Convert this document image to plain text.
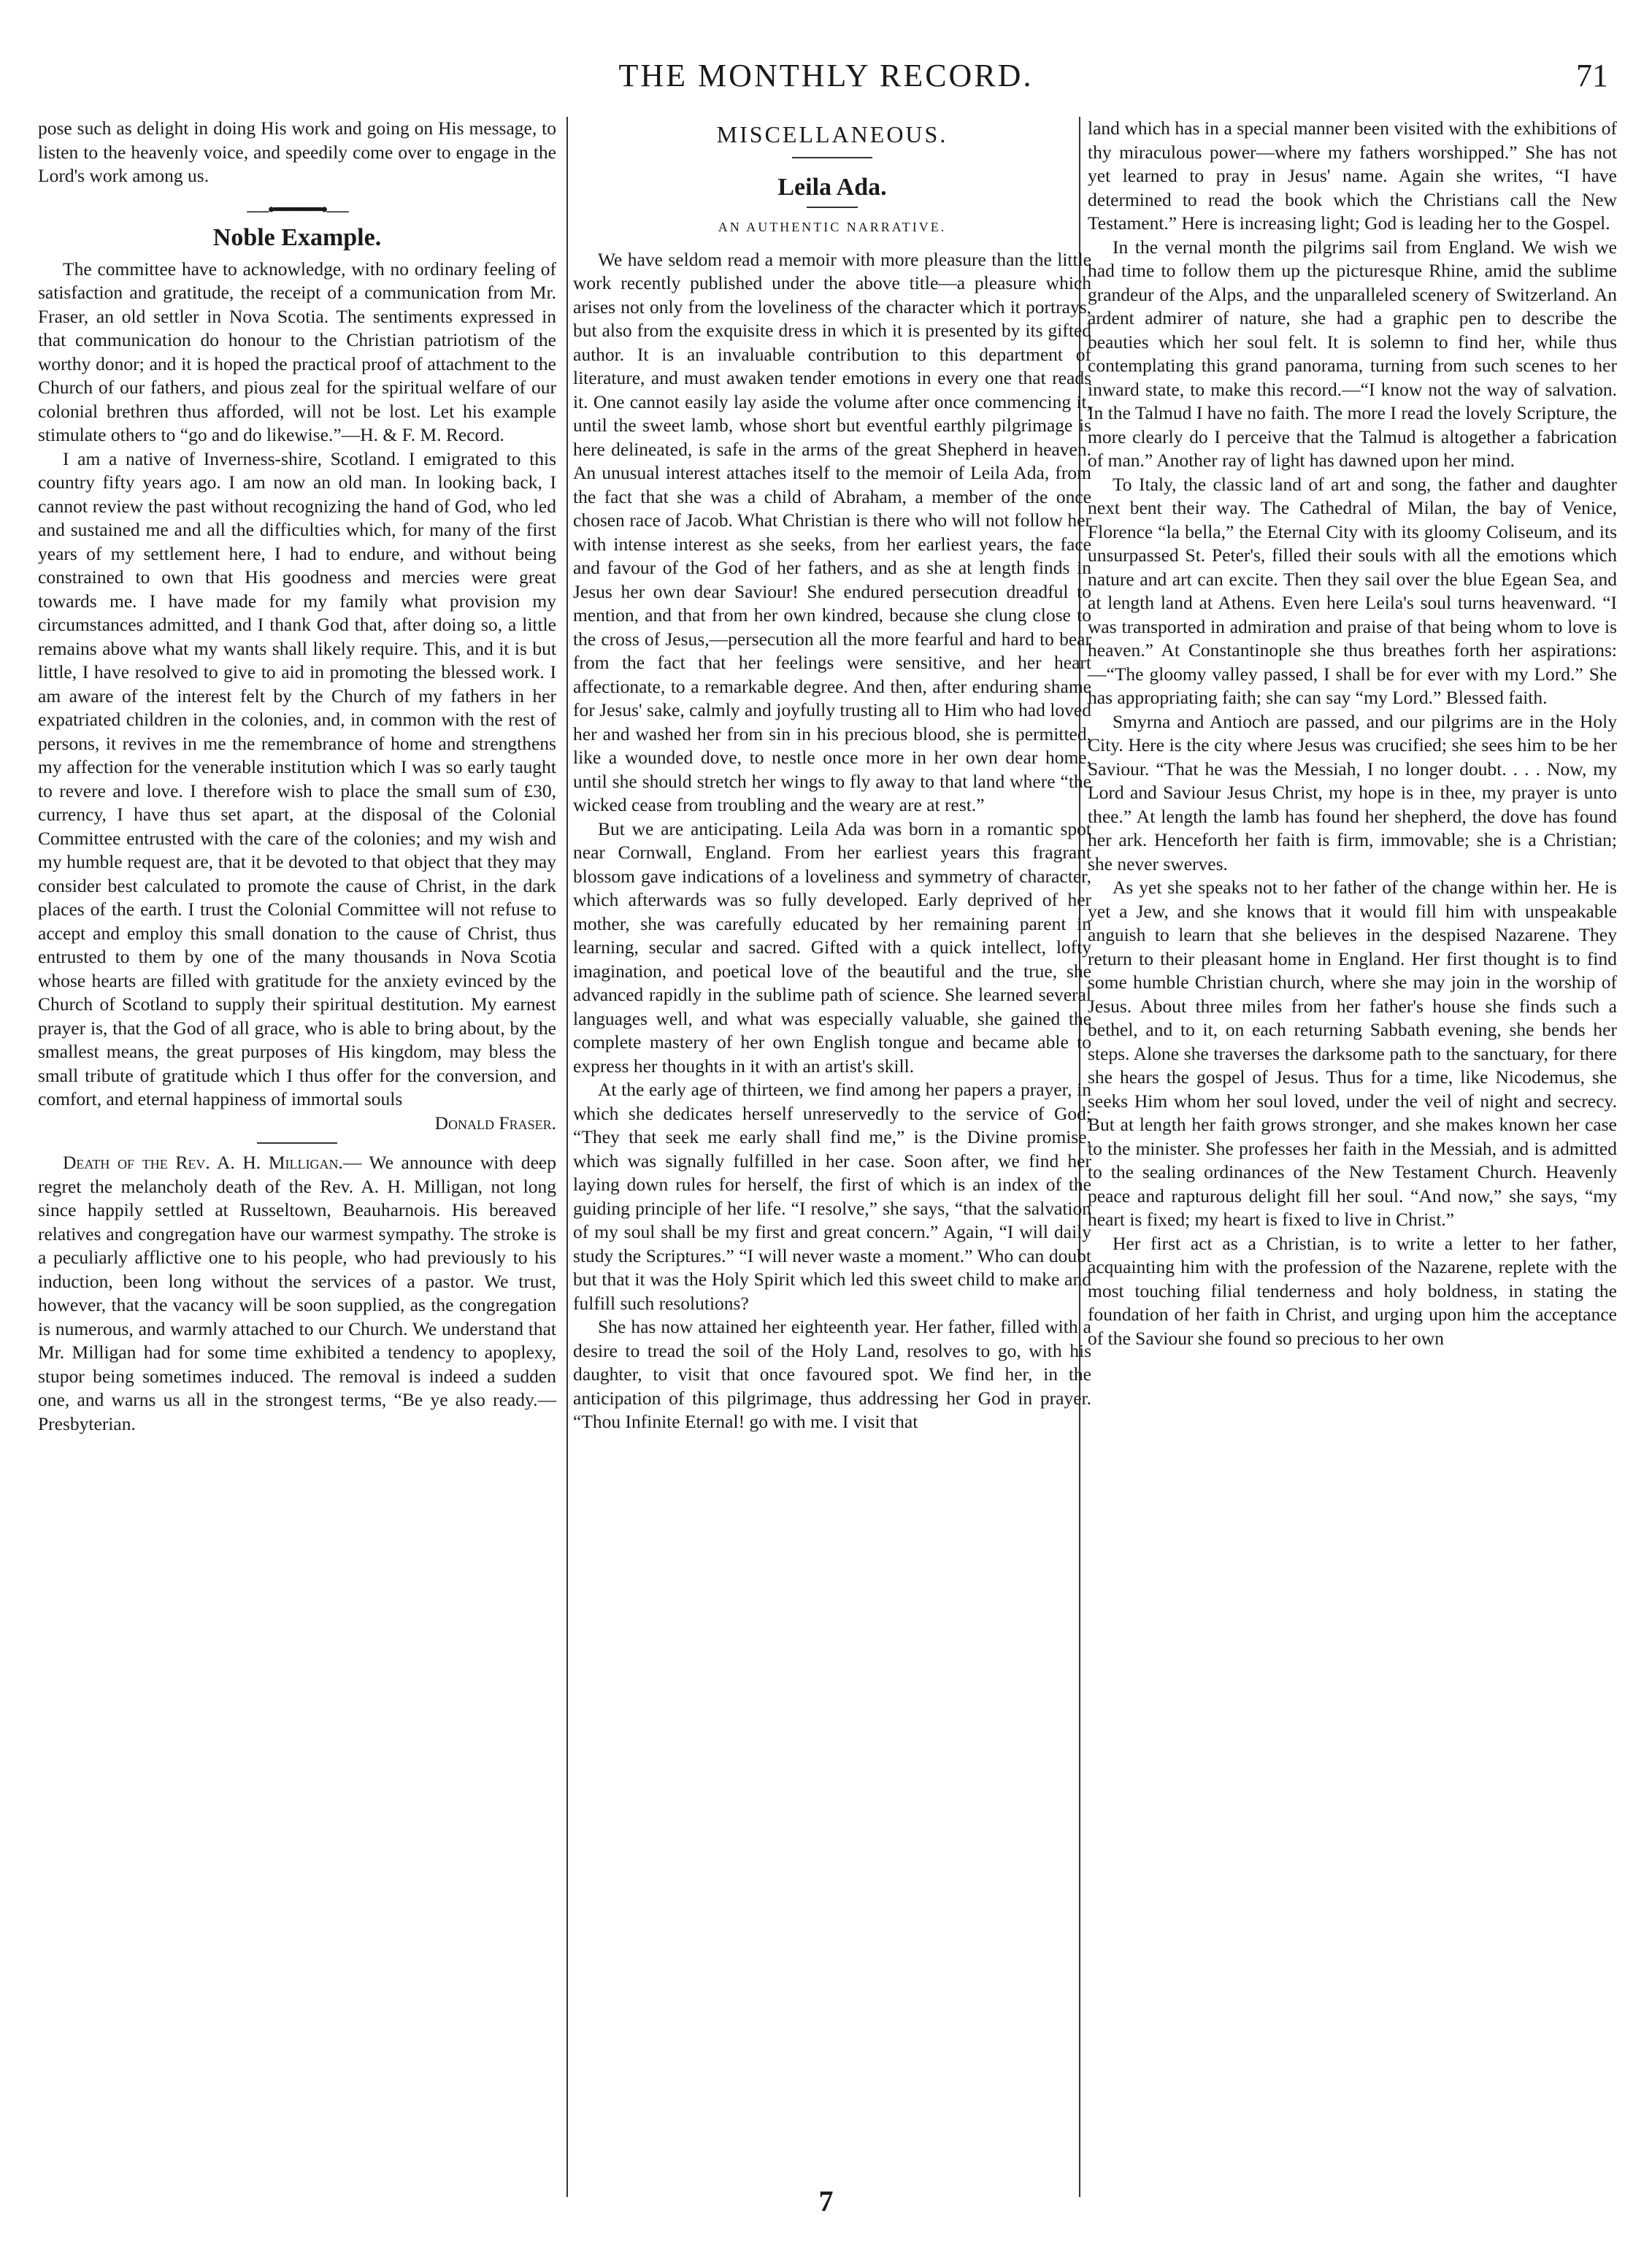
THE MONTHLY RECORD.	71

pose such as delight in doing His work and going on His message, to listen to the heavenly voice, and speedily come over to engage in the Lord's work among us.

—•━━━━•—
Noble Example.

The committee have to acknowledge, with no ordinary feeling of satisfaction and gratitude, the receipt of a communication from Mr. Fraser, an old settler in Nova Scotia. The sentiments expressed in that communication do honour to the Christian patriotism of the worthy donor; and it is hoped the practical proof of attachment to the Church of our fathers, and pious zeal for the spiritual welfare of our colonial brethren thus afforded, will not be lost. Let his example stimulate others to “go and do likewise.”—H. & F. M. Record.

I am a native of Inverness-shire, Scotland. I emigrated to this country fifty years ago. I am now an old man. In looking back, I cannot review the past without recognizing the hand of God, who led and sustained me and all the difficulties which, for many of the first years of my settlement here, I had to endure, and without being constrained to own that His goodness and mercies were great towards me. I have made for my family what provision my circumstances admitted, and I thank God that, after doing so, a little remains above what my wants shall likely require. This, and it is but little, I have resolved to give to aid in promoting the blessed work. I am aware of the interest felt by the Church of my fathers in her expatriated children in the colonies, and, in common with the rest of persons, it revives in me the remembrance of home and strengthens my affection for the venerable institution which I was so early taught to revere and love. I therefore wish to place the small sum of £30, currency, I have thus set apart, at the disposal of the Colonial Committee entrusted with the care of the colonies; and my wish and my humble request are, that it be devoted to that object that they may consider best calculated to promote the cause of Christ, in the dark places of the earth. I trust the Colonial Committee will not refuse to accept and employ this small donation to the cause of Christ, thus entrusted to them by one of the many thousands in Nova Scotia whose hearts are filled with gratitude for the anxiety evinced by the Church of Scotland to supply their spiritual destitution. My earnest prayer is, that the God of all grace, who is able to bring about, by the smallest means, the great purposes of His kingdom, may bless the small tribute of gratitude which I thus offer for the conversion, and comfort, and eternal happiness of immortal souls

Donald Fraser.

Death of the Rev. A. H. Milligan.— We announce with deep regret the melancholy death of the Rev. A. H. Milligan, not long since happily settled at Russeltown, Beauharnois. His bereaved relatives and congregation have our warmest sympathy. The stroke is a peculiarly afflictive one to his people, who had previously to his induction, been long without the services of a pastor. We trust, however, that the vacancy will be soon supplied, as the congregation is numerous, and warmly attached to our Church. We understand that Mr. Milligan had for some time exhibited a tendency to apoplexy, stupor being sometimes induced. The removal is indeed a sudden one, and warns us all in the strongest terms, “Be ye also ready.—Presbyterian.

MISCELLANEOUS.
Leila Ada.
AN AUTHENTIC NARRATIVE.

We have seldom read a memoir with more pleasure than the little work recently published under the above title—a pleasure which arises not only from the loveliness of the character which it portrays, but also from the exquisite dress in which it is presented by its gifted author. It is an invaluable contribution to this department of literature, and must awaken tender emotions in every one that reads it. One cannot easily lay aside the volume after once commencing it, until the sweet lamb, whose short but eventful earthly pilgrimage is here delineated, is safe in the arms of the great Shepherd in heaven. An unusual interest attaches itself to the memoir of Leila Ada, from the fact that she was a child of Abraham, a member of the once chosen race of Jacob. What Christian is there who will not follow her with intense interest as she seeks, from her earliest years, the face and favour of the God of her fathers, and as she at length finds in Jesus her own dear Saviour! She endured persecution dreadful to mention, and that from her own kindred, because she clung close to the cross of Jesus,—persecution all the more fearful and hard to bear from the fact that her feelings were sensitive, and her heart affectionate, to a remarkable degree. And then, after enduring shame for Jesus' sake, calmly and joyfully trusting all to Him who had loved her and washed her from sin in his precious blood, she is permitted, like a wounded dove, to nestle once more in her own dear home, until she should stretch her wings to fly away to that land where “the wicked cease from troubling and the weary are at rest.”

But we are anticipating. Leila Ada was born in a romantic spot near Cornwall, England. From her earliest years this fragrant blossom gave indications of a loveliness and symmetry of character, which afterwards was so fully developed. Early deprived of her mother, she was carefully educated by her remaining parent in learning, secular and sacred. Gifted with a quick intellect, lofty imagination, and poetical love of the beautiful and the true, she advanced rapidly in the sublime path of science. She learned several languages well, and what was especially valuable, she gained the complete mastery of her own English tongue and became able to express her thoughts in it with an artist's skill.

At the early age of thirteen, we find among her papers a prayer, in which she dedicates herself unreservedly to the service of God; “They that seek me early shall find me,” is the Divine promise, which was signally fulfilled in her case. Soon after, we find her laying down rules for herself, the first of which is an index of the guiding principle of her life. “I resolve,” she says, “that the salvation of my soul shall be my first and great concern.” Again, “I will daily study the Scriptures.” “I will never waste a moment.” Who can doubt but that it was the Holy Spirit which led this sweet child to make and fulfill such resolutions?

She has now attained her eighteenth year. Her father, filled with a desire to tread the soil of the Holy Land, resolves to go, with his daughter, to visit that once favoured spot. We find her, in the anticipation of this pilgrimage, thus addressing her God in prayer. “Thou Infinite Eternal! go with me. I visit that

land which has in a special manner been visited with the exhibitions of thy miraculous power—where my fathers worshipped.” She has not yet learned to pray in Jesus' name. Again she writes, “I have determined to read the book which the Christians call the New Testament.” Here is increasing light; God is leading her to the Gospel.

In the vernal month the pilgrims sail from England. We wish we had time to follow them up the picturesque Rhine, amid the sublime grandeur of the Alps, and the unparalleled scenery of Switzerland. An ardent admirer of nature, she had a graphic pen to describe the beauties which her soul felt. It is solemn to find her, while thus contemplating this grand panorama, turning from such scenes to her inward state, to make this record.—“I know not the way of salvation. In the Talmud I have no faith. The more I read the lovely Scripture, the more clearly do I perceive that the Talmud is altogether a fabrication of man.” Another ray of light has dawned upon her mind.

To Italy, the classic land of art and song, the father and daughter next bent their way. The Cathedral of Milan, the bay of Venice, Florence “la bella,” the Eternal City with its gloomy Coliseum, and its unsurpassed St. Peter's, filled their souls with all the emotions which nature and art can excite. Then they sail over the blue Egean Sea, and at length land at Athens. Even here Leila's soul turns heavenward. “I was transported in admiration and praise of that being whom to love is heaven.” At Constantinople she thus breathes forth her aspirations:—“The gloomy valley passed, I shall be for ever with my Lord.” She has appropriating faith; she can say “my Lord.” Blessed faith.

Smyrna and Antioch are passed, and our pilgrims are in the Holy City. Here is the city where Jesus was crucified; she sees him to be her Saviour. “That he was the Messiah, I no longer doubt. . . . Now, my Lord and Saviour Jesus Christ, my hope is in thee, my prayer is unto thee.” At length the lamb has found her shepherd, the dove has found her ark. Henceforth her faith is firm, immovable; she is a Christian; she never swerves.

As yet she speaks not to her father of the change within her. He is yet a Jew, and she knows that it would fill him with unspeakable anguish to learn that she believes in the despised Nazarene. They return to their pleasant home in England. Her first thought is to find some humble Christian church, where she may join in the worship of Jesus. About three miles from her father's house she finds such a bethel, and to it, on each returning Sabbath evening, she bends her steps. Alone she traverses the darksome path to the sanctuary, for there she hears the gospel of Jesus. Thus for a time, like Nicodemus, she seeks Him whom her soul loved, under the veil of night and secrecy. But at length her faith grows stronger, and she makes known her case to the minister. She professes her faith in the Messiah, and is admitted to the sealing ordinances of the New Testament Church. Heavenly peace and rapturous delight fill her soul. “And now,” she says, “my heart is fixed; my heart is fixed to live in Christ.”

Her first act as a Christian, is to write a letter to her father, acquainting him with the profession of the Nazarene, replete with the most touching filial tenderness and holy boldness, in stating the foundation of her faith in Christ, and urging upon him the acceptance of the Saviour she found so precious to her own

7
